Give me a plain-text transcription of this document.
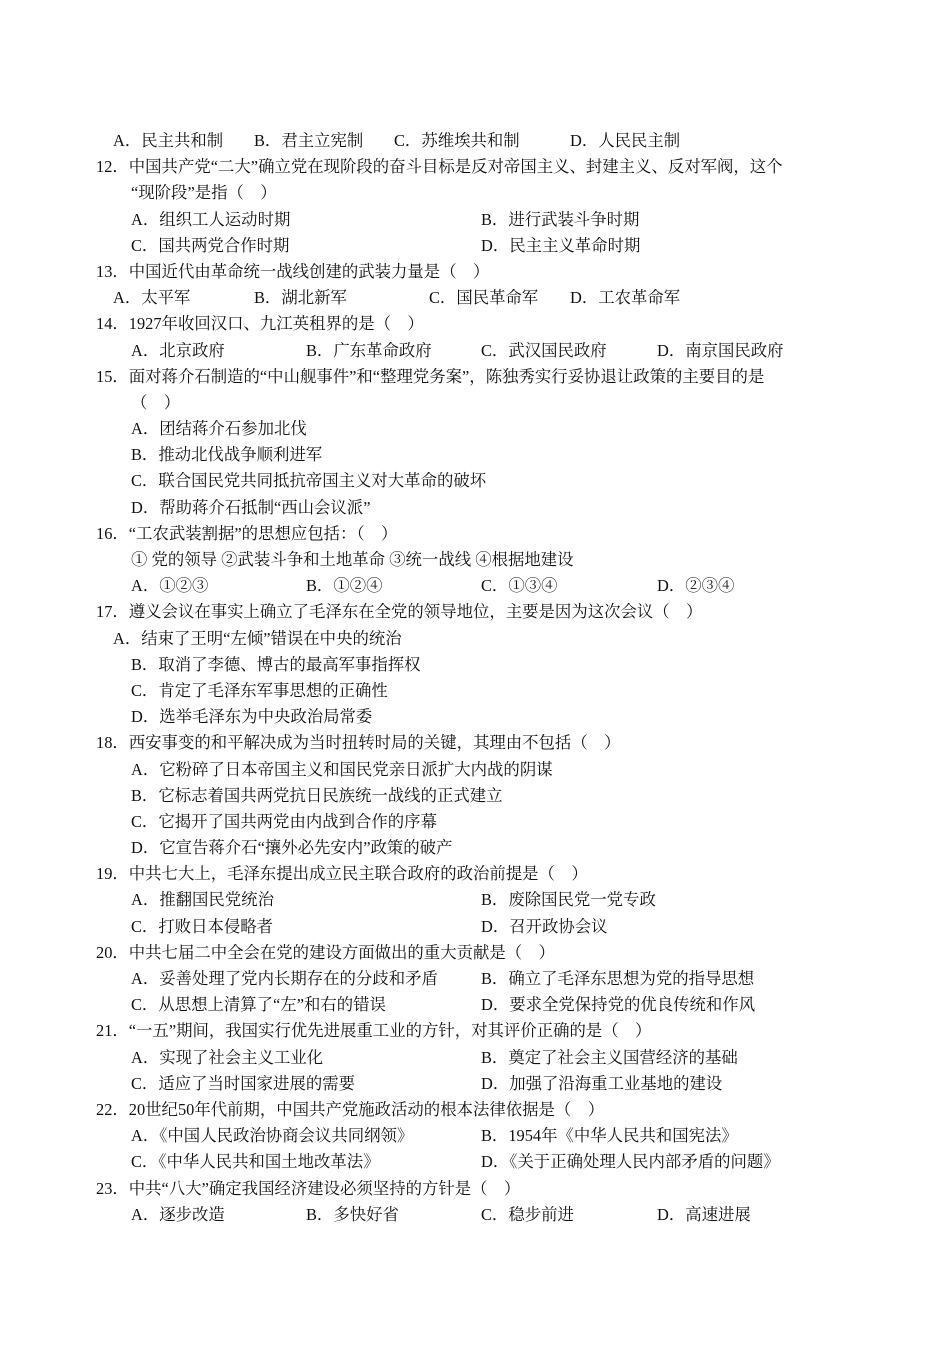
A．民主共和制 B．君主立宪制 C．苏维埃共和制	D．人民民主制
12．中国共产党“二大”确立党在现阶段的奋斗目标是反对帝国主义、封建主义、反对军阀，这个
“现阶段”是指（　）
A．组织工人运动时期	B．进行武装斗争时期
C．国共两党合作时期	D．民主主义革命时期
13．中国近代由革命统一战线创建的武装力量是（　）
A．太平军	B．湖北新军	C．国民革命军 D．工农革命军
14．1927年收回汉口、九江英租界的是（　）
A．北京政府	B．广东革命政府	C．武汉国民政府	D．南京国民政府
15．面对蒋介石制造的“中山舰事件”和“整理党务案”，陈独秀实行妥协退让政策的主要目的是
（　）
A．团结蒋介石参加北伐
B．推动北伐战争顺利进军
C．联合国民党共同抵抗帝国主义对大革命的破坏
D．帮助蒋介石抵制“西山会议派”
16．“工农武装割据”的思想应包括：（　）
① 党的领导 ②武装斗争和土地革命 ③统一战线 ④根据地建设
A．①②③	B．①②④	C．①③④	D．②③④
17．遵义会议在事实上确立了毛泽东在全党的领导地位，主要是因为这次会议（　）
A．结束了王明“左倾”错误在中央的统治
B．取消了李德、博古的最高军事指挥权
C．肯定了毛泽东军事思想的正确性
D．选举毛泽东为中央政治局常委
18．西安事变的和平解决成为当时扭转时局的关键，其理由不包括（　）
A．它粉碎了日本帝国主义和国民党亲日派扩大内战的阴谋
B．它标志着国共两党抗日民族统一战线的正式建立
C．它揭开了国共两党由内战到合作的序幕
D．它宣告蒋介石“攘外必先安内”政策的破产
19．中共七大上，毛泽东提出成立民主联合政府的政治前提是（　）
A．推翻国民党统治	B．废除国民党一党专政
C．打败日本侵略者	D．召开政协会议
20．中共七届二中全会在党的建设方面做出的重大贡献是（　）
A．妥善处理了党内长期存在的分歧和矛盾	B．确立了毛泽东思想为党的指导思想
C．从思想上清算了“左”和右的错误	D．要求全党保持党的优良传统和作风
21．“一五”期间，我国实行优先进展重工业的方针，对其评价正确的是（　）
A．实现了社会主义工业化	B．奠定了社会主义国营经济的基础
C．适应了当时国家进展的需要	D．加强了沿海重工业基地的建设
22．20世纪50年代前期，中国共产党施政活动的根本法律依据是（　）
A．《中国人民政治协商会议共同纲领》	B．1954年《中华人民共和国宪法》
C．《中华人民共和国土地改革法》	D．《关于正确处理人民内部矛盾的问题》
23．中共“八大”确定我国经济建设必须坚持的方针是（　）
A．逐步改造	B．多快好省	C．稳步前进	D．高速进展
